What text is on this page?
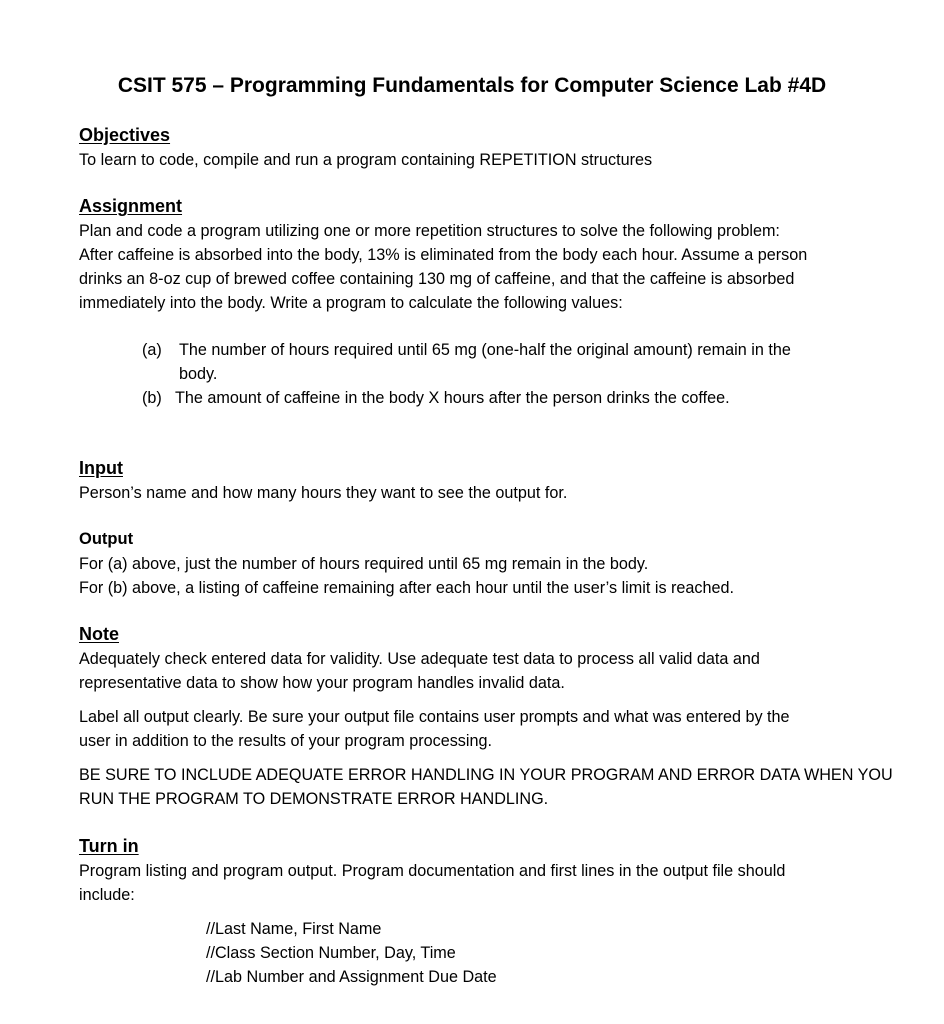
CSIT 575 – Programming Fundamentals for Computer Science Lab #4D
Objectives
To learn to code, compile and run a program containing REPETITION structures
Assignment
Plan and code a program utilizing one or more repetition structures to solve the following problem:
After caffeine is absorbed into the body, 13% is eliminated from the body each hour. Assume a person
drinks an 8-oz cup of brewed coffee containing 130 mg of caffeine, and that the caffeine is absorbed
immediately into the body. Write a program to calculate the following values:
(a) The number of hours required until 65 mg (one-half the original amount) remain in the
body.
(b) The amount of caffeine in the body X hours after the person drinks the coffee.
Input
Person’s name and how many hours they want to see the output for.
Output
For (a) above, just the number of hours required until 65 mg remain in the body.
For (b) above, a listing of caffeine remaining after each hour until the user’s limit is reached.
Note
Adequately check entered data for validity. Use adequate test data to process all valid data and
representative data to show how your program handles invalid data.
Label all output clearly. Be sure your output file contains user prompts and what was entered by the
user in addition to the results of your program processing.
BE SURE TO INCLUDE ADEQUATE ERROR HANDLING IN YOUR PROGRAM AND ERROR DATA WHEN YOU
RUN THE PROGRAM TO DEMONSTRATE ERROR HANDLING.
Turn in
Program listing and program output. Program documentation and first lines in the output file should
include:
//Last Name, First Name
//Class Section Number, Day, Time
//Lab Number and Assignment Due Date
